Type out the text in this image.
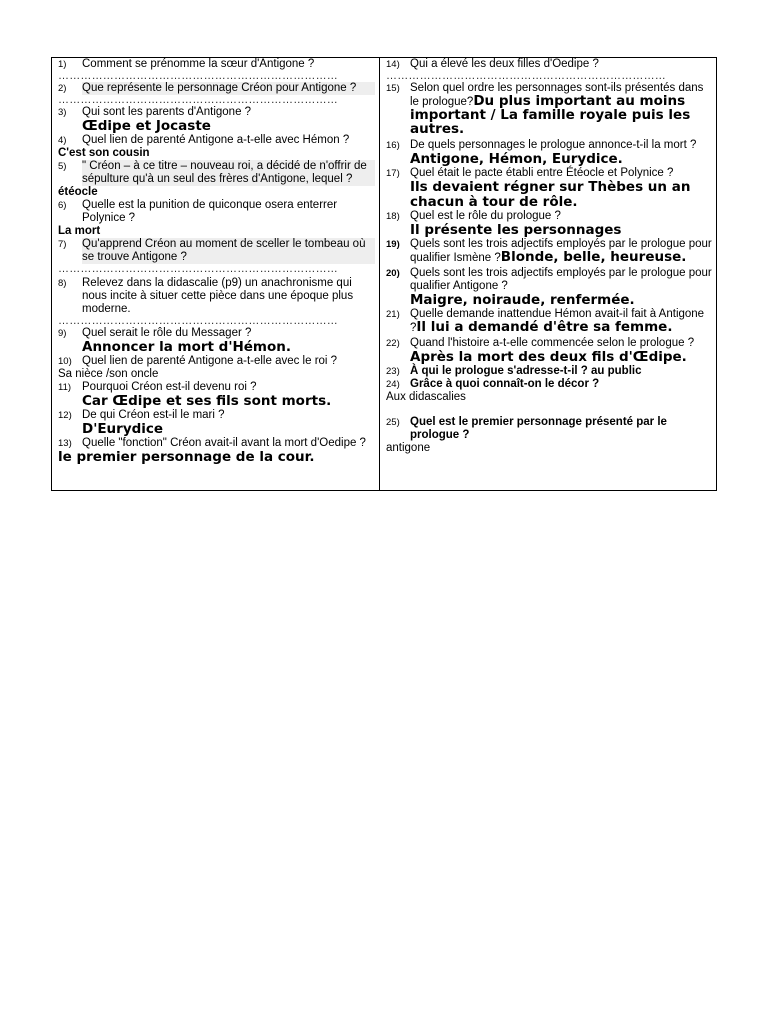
1)	Comment se prénomme la sœur d'Antigone ?
…………………………………………………………………
2)	Que représente le personnage Créon pour Antigone ?
…………………………………………………………………
3)	Qui sont les parents d'Antigone ?
Œdipe et Jocaste
4)	Quel lien de parenté Antigone a-t-elle avec Hémon ?
C'est son cousin
5)	" Créon – à ce titre – nouveau roi, a décidé de n'offrir de sépulture qu'à un seul des frères d'Antigone, lequel ?
étéocle
6)	Quelle est la punition de quiconque osera enterrer Polynice ?
La mort
7)	Qu'apprend Créon au moment de sceller le tombeau où se trouve Antigone ?
…………………………………………………………………
8)	Relevez dans la didascalie (p9) un anachronisme qui nous incite à situer cette pièce dans une époque plus moderne.
…………………………………………………………………
9)	Quel serait le rôle du Messager ?
Annoncer la mort d'Hémon.
10) Quel lien de parenté Antigone a-t-elle avec le roi ?
Sa nièce /son oncle
11) Pourquoi Créon est-il devenu roi ?
Car Œdipe et ses fils sont morts.
12) De qui Créon est-il le mari ?
D'Eurydice
13) Quelle "fonction" Créon avait-il avant la mort d'Oedipe ?
le premier personnage de la cour.
14) Qui a élevé les deux filles d'Oedipe ?
…………………………………………………………………
15) Selon quel ordre les personnages sont-ils présentés dans le prologue?Du plus important au moins important / La famille royale puis les autres.
16) De quels personnages le prologue annonce-t-il la mort ?
Antigone, Hémon, Eurydice.
17) Quel était le pacte établi entre Étéocle et Polynice ?
Ils devaient régner sur Thèbes un an chacun à tour de rôle.
18) Quel est le rôle du prologue ?
Il présente les personnages
19) Quels sont les trois adjectifs employés par le prologue pour qualifier Ismène ?Blonde, belle, heureuse.
20) Quels sont les trois adjectifs employés par le prologue pour qualifier Antigone ?
Maigre, noiraude, renfermée.
21) Quelle demande inattendue Hémon avait-il fait à Antigone ?Il lui a demandé d'être sa femme.
22) Quand l'histoire a-t-elle commencée selon le prologue ?
Après la mort des deux fils d'Œdipe.
23) À qui le prologue s'adresse-t-il ? au public
24) Grâce à quoi connaît-on le décor ?
Aux didascalies
25) Quel est le premier personnage présenté par le prologue ?
antigone
